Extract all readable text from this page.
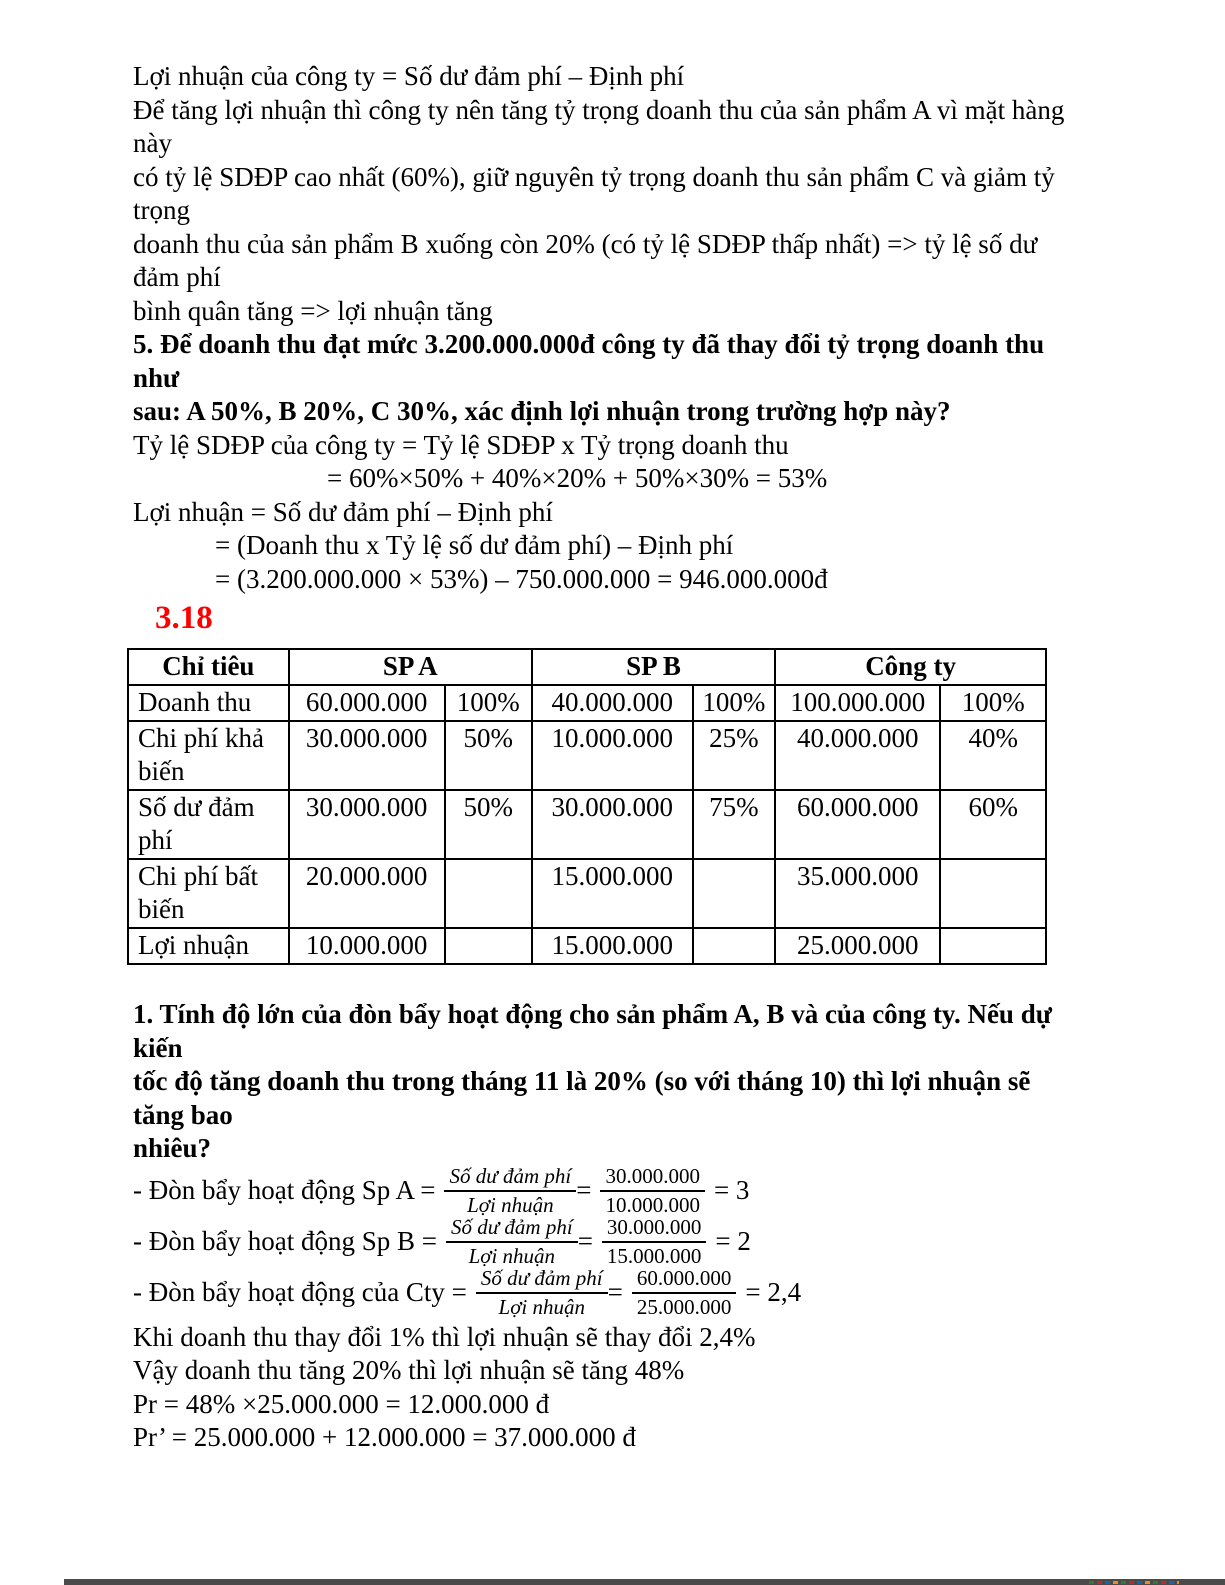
Lợi nhuận của công ty = Số dư đảm phí – Định phí
Để tăng lợi nhuận thì công ty nên tăng tỷ trọng doanh thu của sản phẩm A vì mặt hàng
này
có tỷ lệ SDĐP cao nhất (60%), giữ nguyên tỷ trọng doanh thu sản phẩm C và giảm tỷ
trọng
doanh thu của sản phẩm B xuống còn 20% (có tỷ lệ SDĐP thấp nhất) => tỷ lệ số dư
đảm phí
bình quân tăng => lợi nhuận tăng
5. Để doanh thu đạt mức 3.200.000.000đ công ty đã thay đổi tỷ trọng doanh thu
như
sau: A 50%, B 20%, C 30%, xác định lợi nhuận trong trường hợp này?
Tỷ lệ SDĐP của công ty = Tỷ lệ SDĐP x Tỷ trọng doanh thu
= 60%×50% + 40%×20% + 50%×30% = 53%
Lợi nhuận = Số dư đảm phí – Định phí
= (Doanh thu x Tỷ lệ số dư đảm phí) – Định phí
= (3.200.000.000 × 53%) – 750.000.000 = 946.000.000đ
3.18
Chỉ tiêu	SP A		SP B		Công ty	
Doanh thu	60.000.000	100%	40.000.000	100%	100.000.000	100%
Chi phí khả biến	30.000.000	50%	10.000.000	25%	40.000.000	40%
Số dư đảm phí	30.000.000	50%	30.000.000	75%	60.000.000	60%
Chi phí bất biến	20.000.000		15.000.000		35.000.000	
Lợi nhuận	10.000.000		15.000.000		25.000.000	
1. Tính độ lớn của đòn bẩy hoạt động cho sản phẩm A, B và của công ty. Nếu dự
kiến
tốc độ tăng doanh thu trong tháng 11 là 20% (so với tháng 10) thì lợi nhuận sẽ
tăng bao
nhiêu?
- Đòn bẩy hoạt động Sp $A = \frac{\text{Số dư đảm phí}}{\text{Lợi nhuận}} = \frac{30.000.000}{10.000.000} = 3$
- Đòn bẩy hoạt động Sp $B = \frac{\text{Số dư đảm phí}}{\text{Lợi nhuận}} = \frac{30.000.000}{15.000.000} = 2$
- Đòn bẩy hoạt động của Cty = $\frac{\text{Số dư đảm phí}}{\text{Lợi nhuận}} = \frac{60.000.000}{25.000.000} = 2,4$
Khi doanh thu thay đổi 1% thì lợi nhuận sẽ thay đổi 2,4%
Vậy doanh thu tăng 20% thì lợi nhuận sẽ tăng 48%
Pr = 48% ×25.000.000 = 12.000.000 đ
Pr’ = 25.000.000 + 12.000.000 = 37.000.000 đ
